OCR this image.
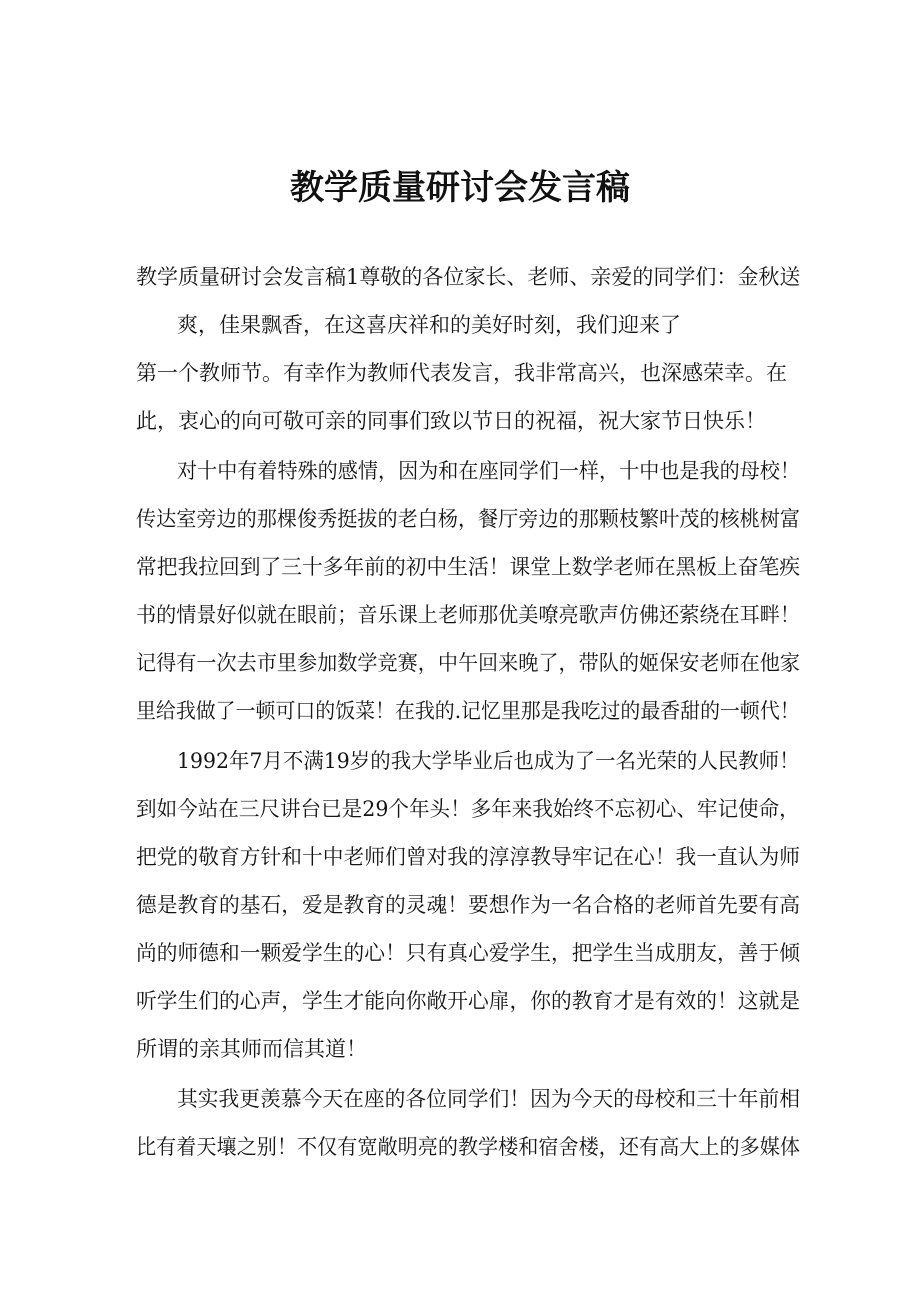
教学质量研讨会发言稿

教学质量研讨会发言稿1尊敬的各位家长、老师、亲爱的同学们：金秋送

爽，佳果飘香，在这喜庆祥和的美好时刻，我们迎来了

第一个教师节。有幸作为教师代表发言，我非常高兴，也深感荣幸。在

此，衷心的向可敬可亲的同事们致以节日的祝福，祝大家节日快乐！

对十中有着特殊的感情，因为和在座同学们一样，十中也是我的母校！

传达室旁边的那棵俊秀挺拔的老白杨，餐厅旁边的那颗枝繁叶茂的核桃树富

常把我拉回到了三十多年前的初中生活！课堂上数学老师在黑板上奋笔疾

书的情景好似就在眼前；音乐课上老师那优美嘹亮歌声仿佛还萦绕在耳畔！

记得有一次去市里参加数学竞赛，中午回来晚了，带队的姬保安老师在他家

里给我做了一顿可口的饭菜！在我的.记忆里那是我吃过的最香甜的一顿代！

1992年7月不满19岁的我大学毕业后也成为了一名光荣的人民教师！

到如今站在三尺讲台已是29个年头！多年来我始终不忘初心、牢记使命，

把党的敬育方针和十中老师们曾对我的淳淳教导牢记在心！我一直认为师

德是教育的基石，爱是教育的灵魂！要想作为一名合格的老师首先要有高

尚的师德和一颗爱学生的心！只有真心爱学生，把学生当成朋友，善于倾

听学生们的心声，学生才能向你敞开心扉，你的教育才是有效的！这就是

所谓的亲其师而信其道！

其实我更羡慕今天在座的各位同学们！因为今天的母校和三十年前相

比有着天壤之别！不仅有宽敞明亮的教学楼和宿舍楼，还有高大上的多媒体
